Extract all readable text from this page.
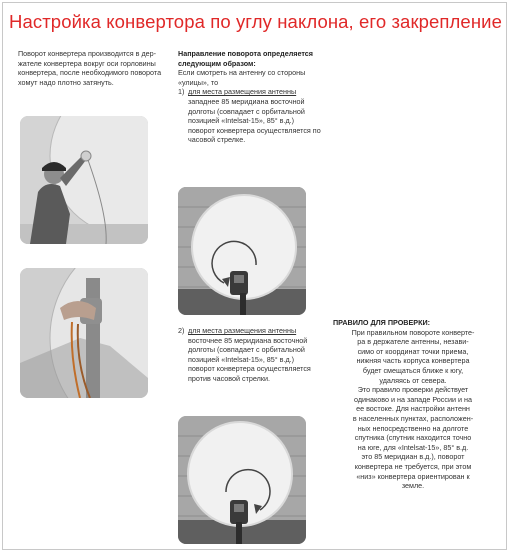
Настройка конвертора по углу наклона, его закрепление
Поворот конвертера производится в дер-
жателе конвертера вокруг оси горловины
конвертера, после необходимого поворота
хомут надо плотно затянуть.
Направление поворота определяется
следующим образом:
Если смотреть на антенну со стороны
«улицы», то
1) для места размещения антенны
западнее 85 меридиана восточной
долготы (совпадает с орбитальной
позицией «Intelsat-15», 85° в.д.)
поворот конвертера осуществляется по
часовой стрелке.
2) для места размещения антенны
восточнее 85 меридиана восточной
долготы (совпадает с орбитальной
позицией «Intelsat-15», 85° в.д.)
поворот конвертера осуществляется
против часовой стрелки.
ПРАВИЛО ДЛЯ ПРОВЕРКИ:
При правильном повороте конверте-
ра в держателе антенны, незави-
симо от координат точки приема,
нижняя часть корпуса конвертера
будет смещаться ближе к югу,
удаляясь от севера.
Это правило проверки действует
одинаково и на западе России и на
ее востоке. Для настройки антенн
в населенных пунктах, расположен-
ных непосредственно на долготе
спутника (спутник находится точно
на юге, для «Intelsat-15», 85° в.д.
это 85 меридиан в.д.), поворот
конвертера не требуется, при этом
«низ» конвертера ориентирован к
земле.
